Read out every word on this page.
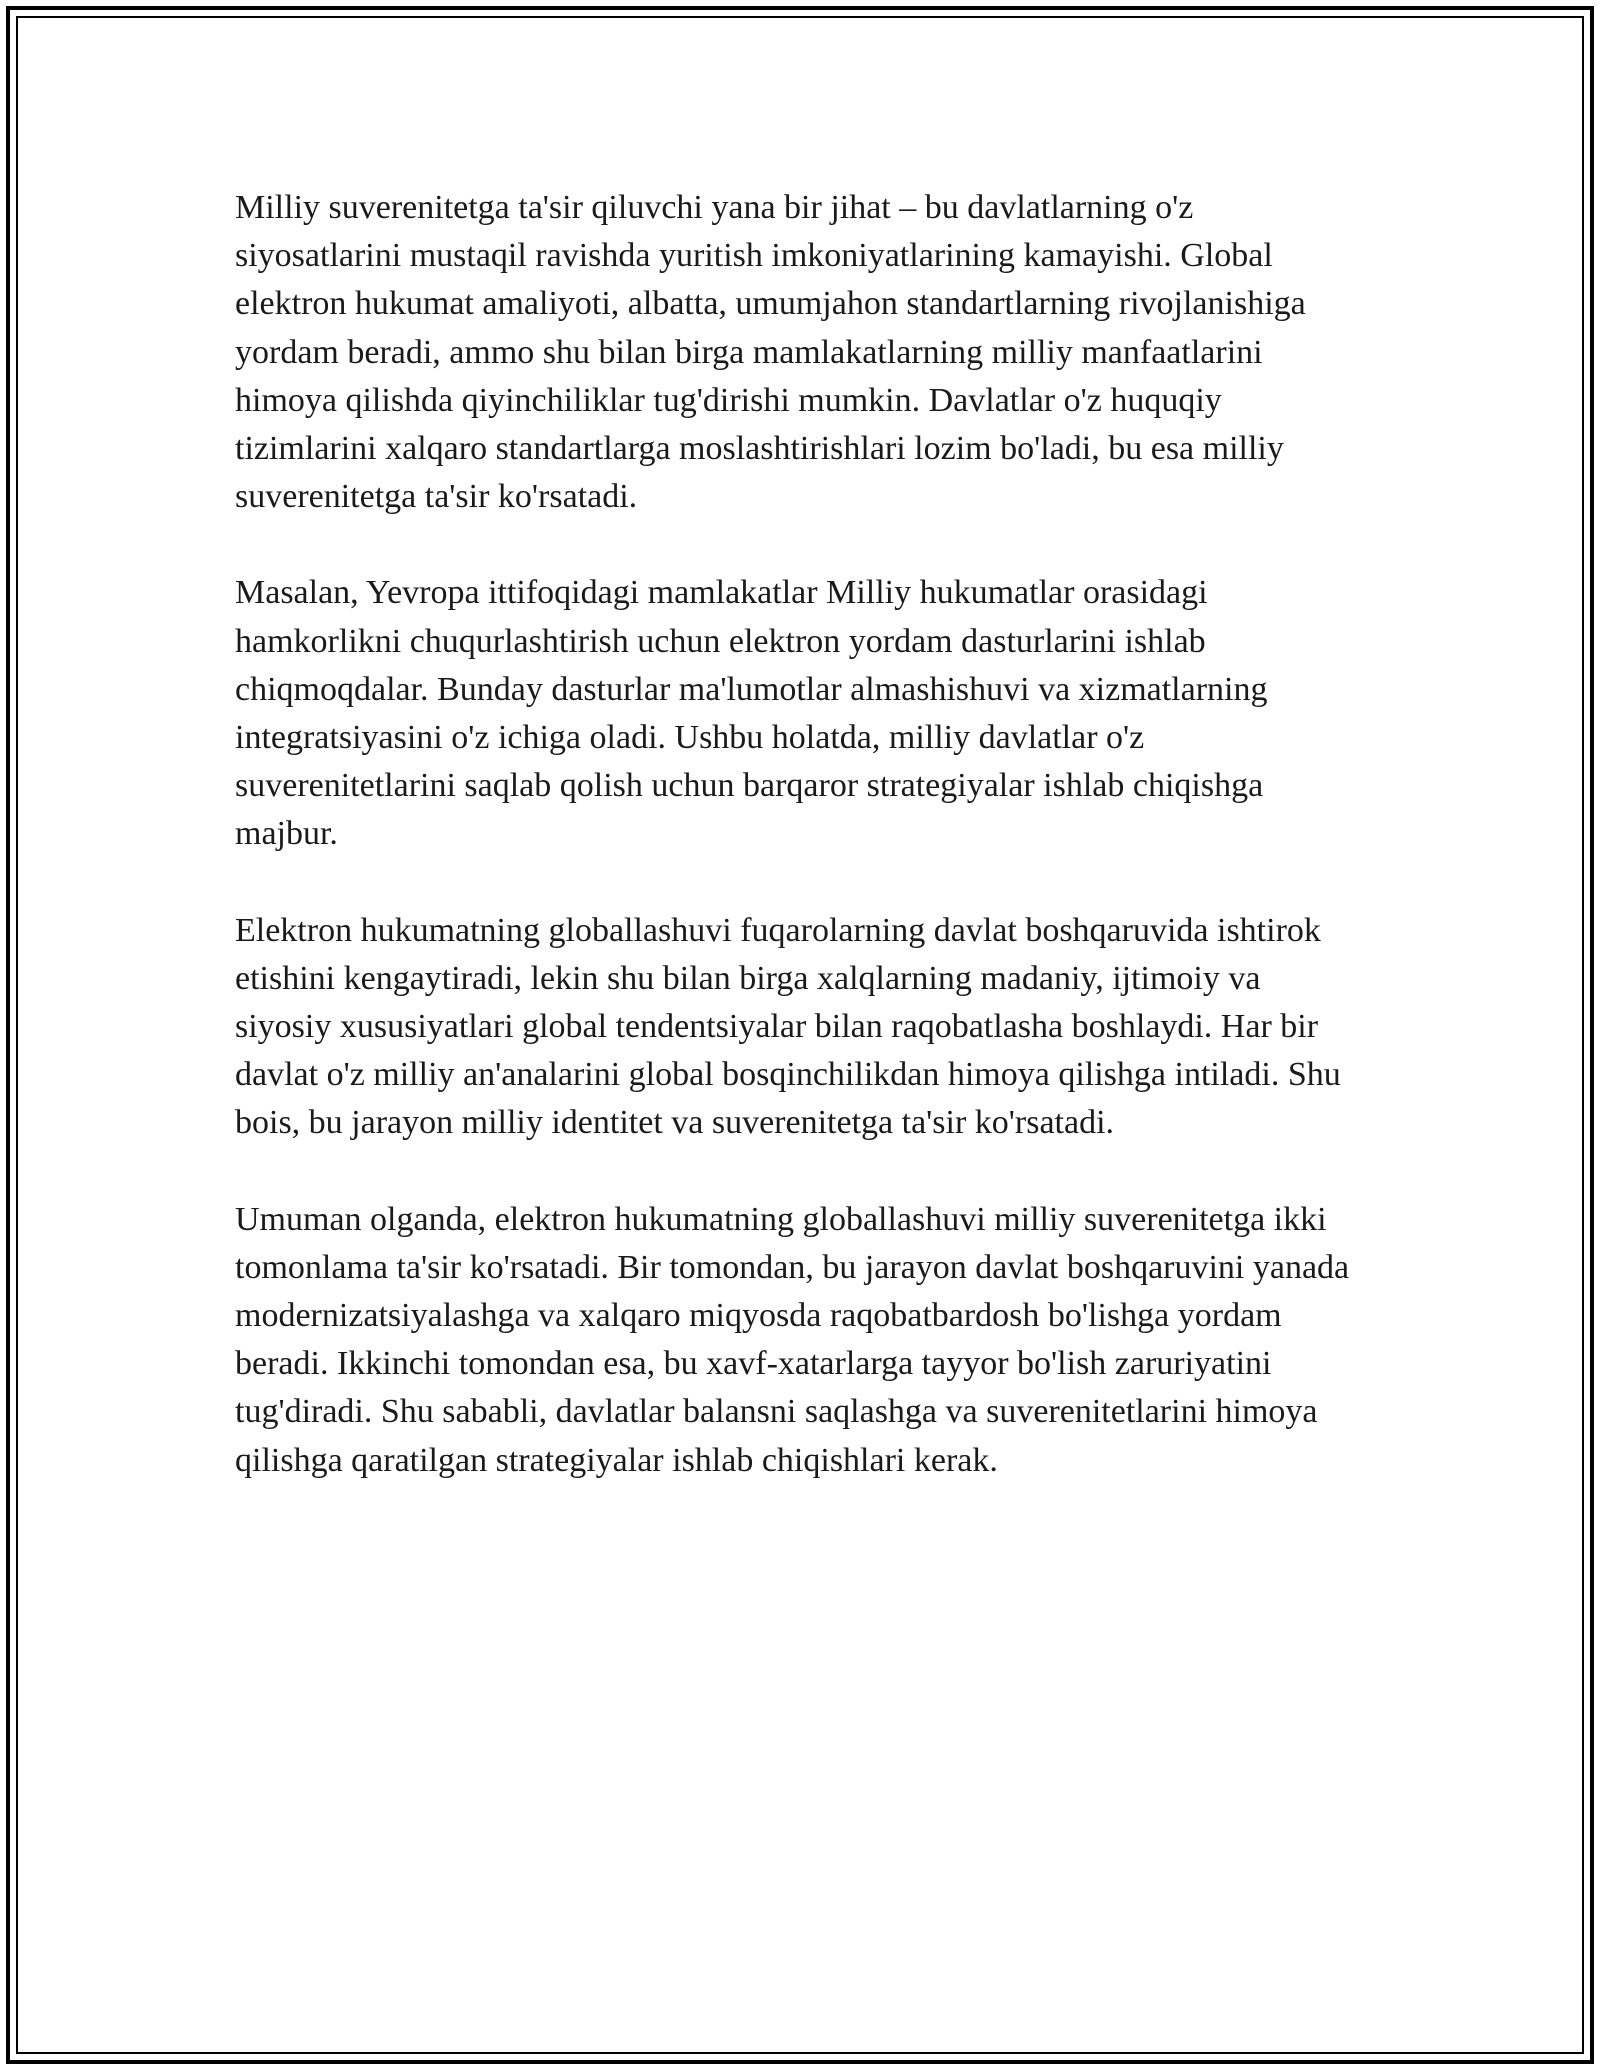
Milliy suverenitetga ta'sir qiluvchi yana bir jihat – bu davlatlarning o'z siyosatlarini mustaqil ravishda yuritish imkoniyatlarining kamayishi. Global elektron hukumat amaliyoti, albatta, umumjahon standartlarning rivojlanishiga yordam beradi, ammo shu bilan birga mamlakatlarning milliy manfaatlarini himoya qilishda qiyinchiliklar tug'dirishi mumkin. Davlatlar o'z huquqiy tizimlarini xalqaro standartlarga moslashtirishlari lozim bo'ladi, bu esa milliy suverenitetga ta'sir ko'rsatadi.

Masalan, Yevropa ittifoqidagi mamlakatlar Milliy hukumatlar orasidagi hamkorlikni chuqurlashtirish uchun elektron yordam dasturlarini ishlab chiqmoqdalar. Bunday dasturlar ma'lumotlar almashishuvi va xizmatlarning integratsiyasini o'z ichiga oladi. Ushbu holatda, milliy davlatlar o'z suverenitetlarini saqlab qolish uchun barqaror strategiyalar ishlab chiqishga majbur.

Elektron hukumatning globallashuvi fuqarolarning davlat boshqaruvida ishtirok etishini kengaytiradi, lekin shu bilan birga xalqlarning madaniy, ijtimoiy va siyosiy xususiyatlari global tendentsiyalar bilan raqobatlasha boshlaydi. Har bir davlat o'z milliy an'analarini global bosqinchilikdan himoya qilishga intiladi. Shu bois, bu jarayon milliy identitet va suverenitetga ta'sir ko'rsatadi.

Umuman olganda, elektron hukumatning globallashuvi milliy suverenitetga ikki tomonlama ta'sir ko'rsatadi. Bir tomondan, bu jarayon davlat boshqaruvini yanada modernizatsiyalashga va xalqaro miqyosda raqobatbardosh bo'lishga yordam beradi. Ikkinchi tomondan esa, bu xavf-xatarlarga tayyor bo'lish zaruriyatini tug'diradi. Shu sababli, davlatlar balansni saqlashga va suverenitetlarini himoya qilishga qaratilgan strategiyalar ishlab chiqishlari kerak.
